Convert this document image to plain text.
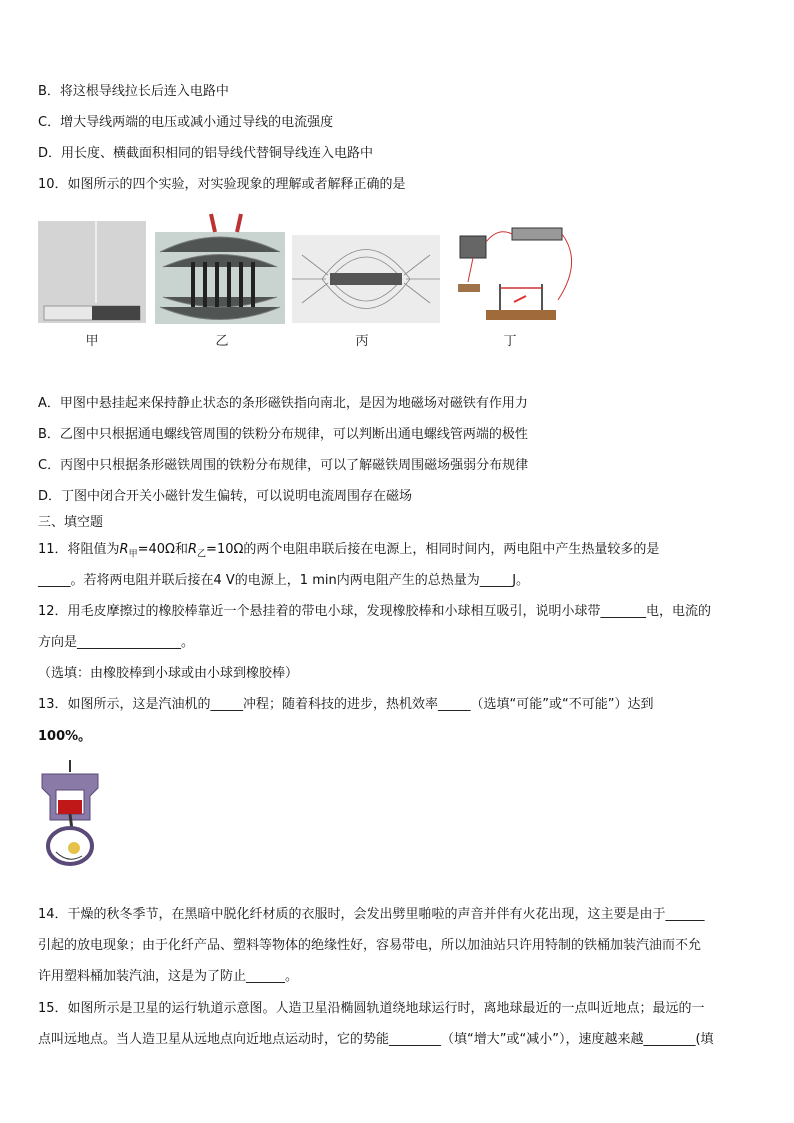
B．将这根导线拉长后连入电路中
C．增大导线两端的电压或减小通过导线的电流强度
D．用长度、横截面积相同的铝导线代替铜导线连入电路中
10．如图所示的四个实验，对实验现象的理解或者解释正确的是
甲	乙	丙	丁
A．甲图中悬挂起来保持静止状态的条形磁铁指向南北，是因为地磁场对磁铁有作用力
B．乙图中只根据通电螺线管周围的铁粉分布规律，可以判断出通电螺线管两端的极性
C．丙图中只根据条形磁铁周围的铁粉分布规律，可以了解磁铁周围磁场强弱分布规律
D．丁图中闭合开关小磁针发生偏转，可以说明电流周围存在磁场
三、填空题
11．将阻值为$R_甲=40\Omega$和$R_乙=10\Omega$的两个电阻串联后接在电源上，相同时间内，两电阻中产生热量较多的是
_____。若将两电阻并联后接在4 V的电源上，1 min内两电阻产生的总热量为_____J。
12．用毛皮摩擦过的橡胶棒靠近一个悬挂着的带电小球，发现橡胶棒和小球相互吸引，说明小球带_______电，电流的
方向是________________。
（选填：由橡胶棒到小球或由小球到橡胶棒）
13．如图所示，这是汽油机的_____冲程；随着科技的进步，热机效率_____（选填“可能”或“不可能”）达到
100%。
14．干燥的秋冬季节，在黑暗中脱化纤材质的衣服时，会发出劈里啪啦的声音并伴有火花出现，这主要是由于______
引起的放电现象；由于化纤产品、塑料等物体的绝缘性好，容易带电，所以加油站只许用特制的铁桶加装汽油而不允
许用塑料桶加装汽油，这是为了防止______。
15．如图所示是卫星的运行轨道示意图。人造卫星沿椭圆轨道绕地球运行时，离地球最近的一点叫近地点；最远的一
点叫远地点。当人造卫星从远地点向近地点运动时，它的势能________（填“增大”或“减小”），速度越来越________(填
